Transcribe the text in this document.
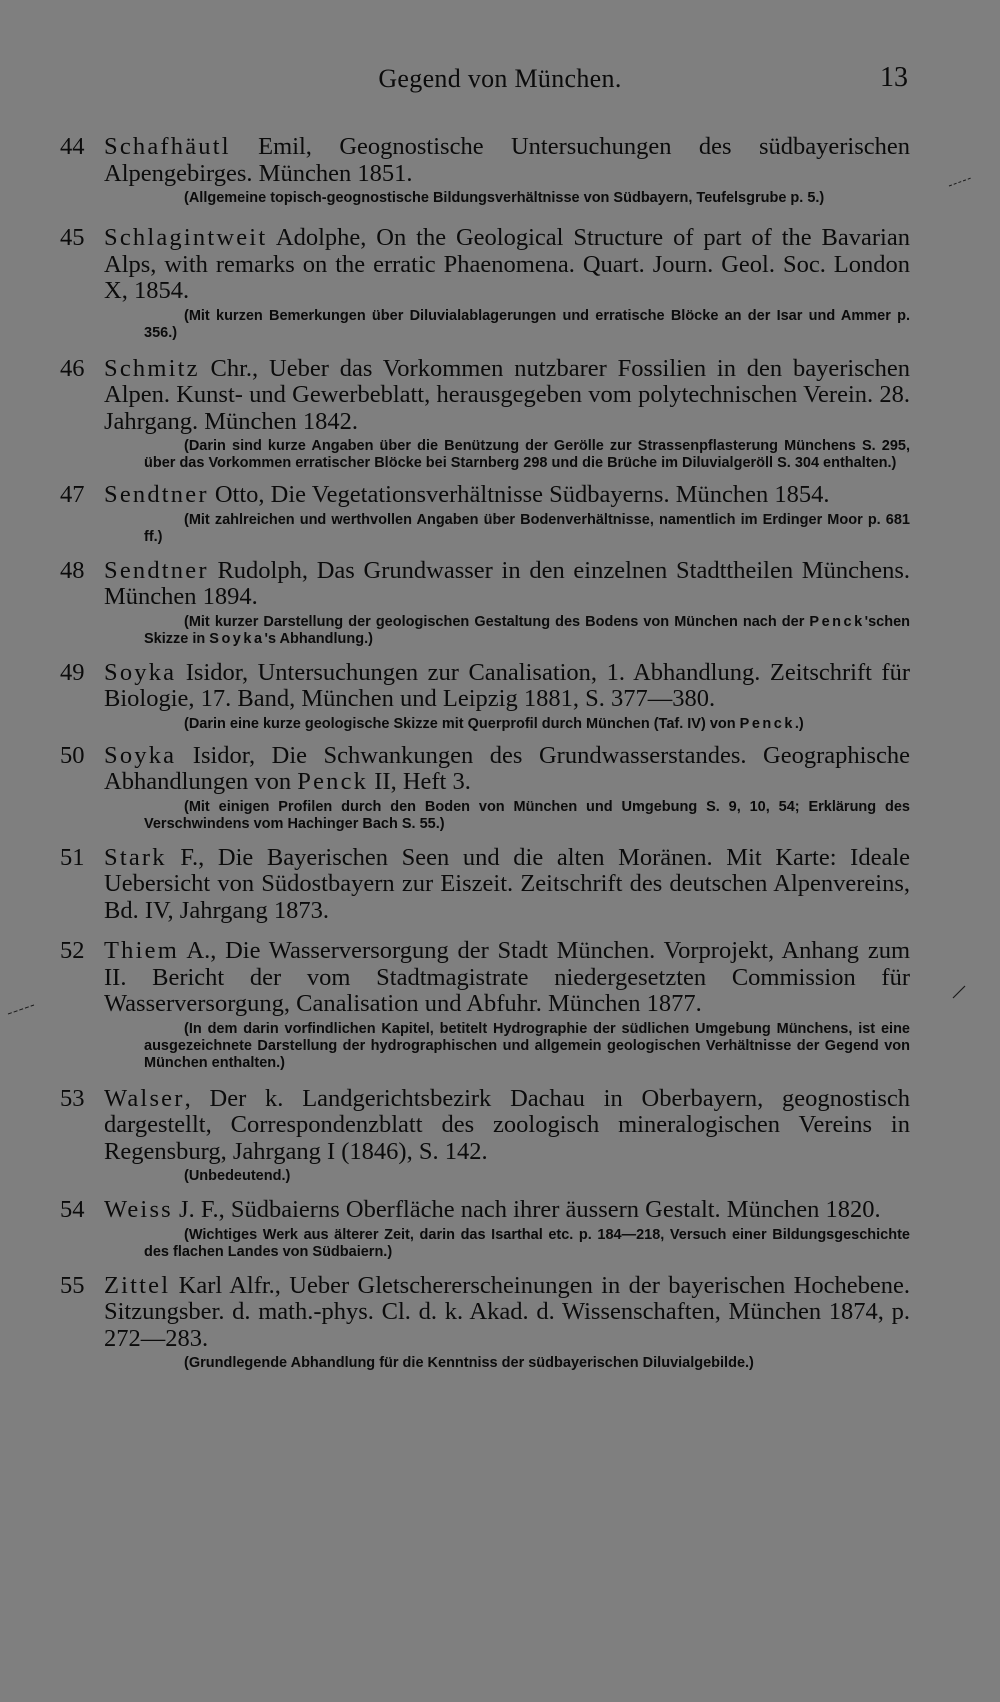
Gegend von München.	13
44 Schafhäutl Emil, Geognostische Untersuchungen des südbayerischen Alpengebirges. München 1851.
(Allgemeine topisch-geognostische Bildungsverhältnisse von Südbayern, Teufelsgrube p. 5.)
45 Schlagintweit Adolphe, On the Geological Structure of part of the Bavarian Alps, with remarks on the erratic Phaenomena. Quart. Journ. Geol. Soc. London X, 1854.
(Mit kurzen Bemerkungen über Diluvialablagerungen und erratische Blöcke an der Isar und Ammer p. 356.)
46 Schmitz Chr., Ueber das Vorkommen nutzbarer Fossilien in den bayerischen Alpen. Kunst- und Gewerbeblatt, herausgegeben vom polytechnischen Verein. 28. Jahrgang. München 1842.
(Darin sind kurze Angaben über die Benützung der Gerölle zur Strassenpflasterung Münchens S. 295, über das Vorkommen erratischer Blöcke bei Starnberg 298 und die Brüche im Diluvialgeröll S. 304 enthalten.)
47 Sendtner Otto, Die Vegetationsverhältnisse Südbayerns. München 1854.
(Mit zahlreichen und werthvollen Angaben über Bodenverhältnisse, namentlich im Erdinger Moor p. 681 ff.)
48 Sendtner Rudolph, Das Grundwasser in den einzelnen Stadttheilen Münchens. München 1894.
(Mit kurzer Darstellung der geologischen Gestaltung des Bodens von München nach der Penck'schen Skizze in Soyka's Abhandlung.)
49 Soyka Isidor, Untersuchungen zur Canalisation, 1. Abhandlung. Zeitschrift für Biologie, 17. Band, München und Leipzig 1881, S. 377—380.
(Darin eine kurze geologische Skizze mit Querprofil durch München (Taf. IV) von Penck.)
50 Soyka Isidor, Die Schwankungen des Grundwasserstandes. Geographische Abhandlungen von Penck II, Heft 3.
(Mit einigen Profilen durch den Boden von München und Umgebung S. 9, 10, 54; Erklärung des Verschwindens vom Hachinger Bach S. 55.)
51 Stark F., Die Bayerischen Seen und die alten Moränen. Mit Karte: Ideale Uebersicht von Südostbayern zur Eiszeit. Zeitschrift des deutschen Alpenvereins, Bd. IV, Jahrgang 1873.
52 Thiem A., Die Wasserversorgung der Stadt München. Vorprojekt, Anhang zum II. Bericht der vom Stadtmagistrate niedergesetzten Commission für Wasserversorgung, Canalisation und Abfuhr. München 1877.
(In dem darin vorfindlichen Kapitel, betitelt Hydrographie der südlichen Umgebung Münchens, ist eine ausgezeichnete Darstellung der hydrographischen und allgemein geologischen Verhältnisse der Gegend von München enthalten.)
53 Walser, Der k. Landgerichtsbezirk Dachau in Oberbayern, geognostisch dargestellt, Correspondenzblatt des zoologisch mineralogischen Vereins in Regensburg, Jahrgang I (1846), S. 142.
(Unbedeutend.)
54 Weiss J. F., Südbaierns Oberfläche nach ihrer äussern Gestalt. München 1820.
(Wichtiges Werk aus älterer Zeit, darin das Isarthal etc. p. 184—218, Versuch einer Bildungsgeschichte des flachen Landes von Südbaiern.)
55 Zittel Karl Alfr., Ueber Gletschererscheinungen in der bayerischen Hochebene. Sitzungsber. d. math.-phys. Cl. d. k. Akad. d. Wissenschaften, München 1874, p. 272—283.
(Grundlegende Abhandlung für die Kenntniss der südbayerischen Diluvialgebilde.)
